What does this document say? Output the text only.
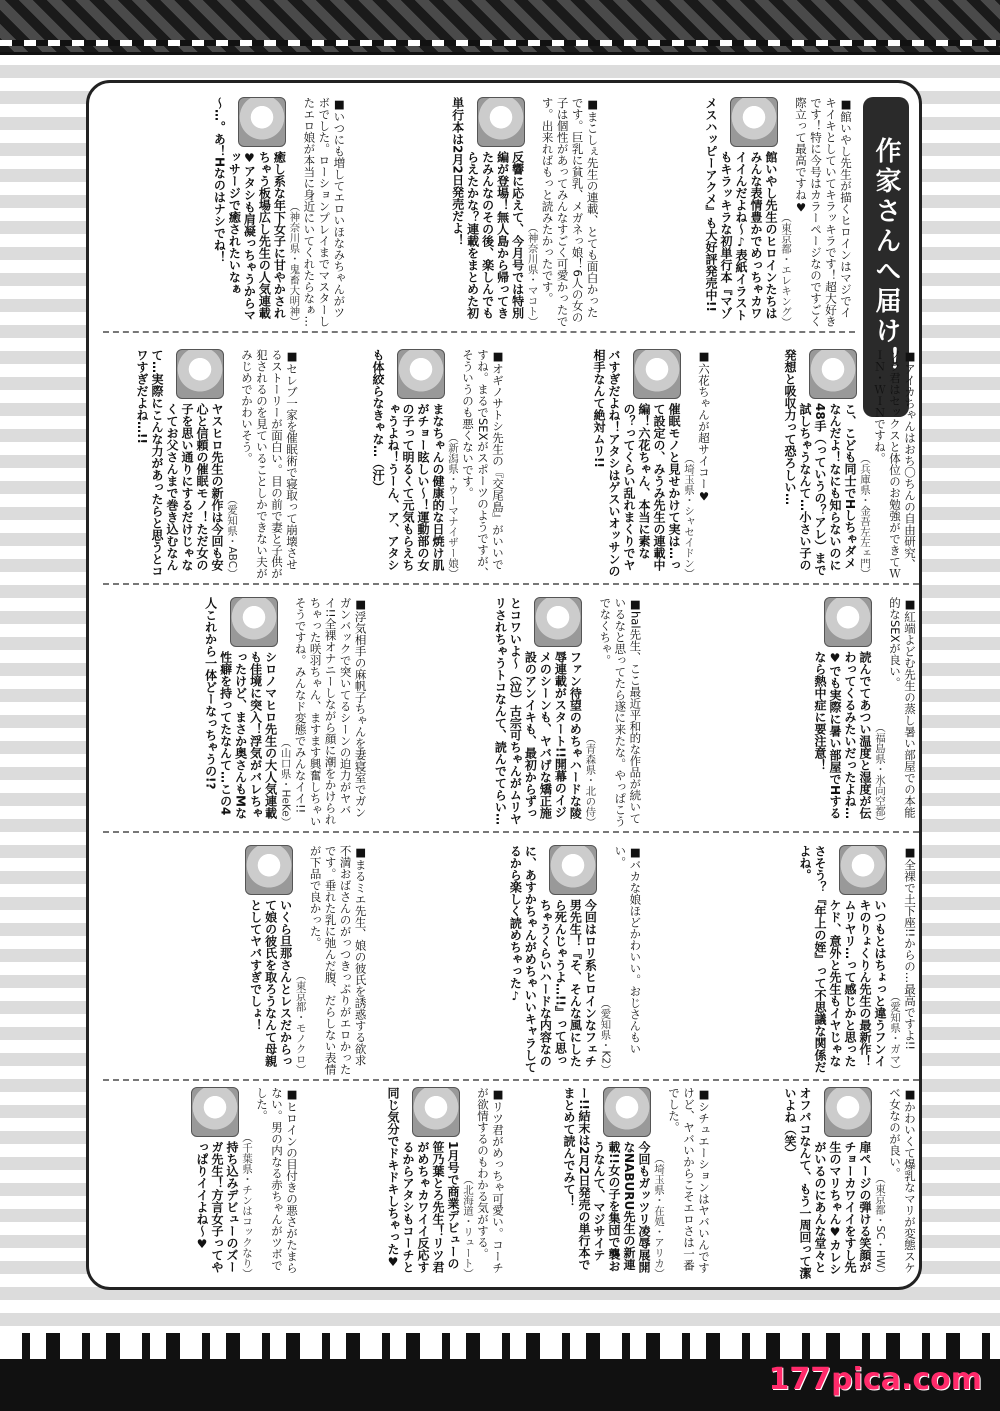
作家さんへ届け！
■館いやし先生が描くヒロインはマジでイキイキとしていてキラッキラです！超大好きです！特に今号はカラーページなのですごく際立って最高ですね♥
（東京都・エレキング）
館いやし先生のヒロインたちはみんな表情豊かでめっちゃカワイイんだよね～♪表紙イラストもキラッキラな初単行本『マゾメスハッピーアクメ』も大好評発売中!!
■まこしぇ先生の連載、とても面白かったです。巨乳に貧乳、メガネっ娘！6人の女の子は個性があってみんなすごく可愛かったです。出来ればもっと読みたかったです。
（神奈川県・マコト）
反響に応えて、今月号では特別編が登場！無人島から帰ってきたみんなのその後、楽しんでもらえたかな？連載をまとめた初単行本は2月2日発売だよ！
■いつにも増してエロいほなみちゃんがツボでした。ローションプレイまでマスターしたエロ娘が本当に身近にいてくれたらなぁ…
（神奈川県・鬼畜大明神）
癒し系な年下女子に甘やかされちゃう板場広し先生の人気連載♥アタシも肩凝っちゃうからマッサージで癒されたいなぁ～…。あ！Hなのはナシでね！
■アイカちゃんはおち〇ちんの自由研究、ソラ君はセックスと体位のお勉強ができてＷＩＮ・ＷＩＮですね。
（兵庫県・金吾左左ェ門）
こ、こども同士でHしちゃダメなんだよ！なにも知らないのに48手（っていうの？アレ）まで試しちゃうなんて…小さい子の発想と吸収力って恐ろしい…
■六花ちゃんが超サイコー♥
（埼玉県・シャセイドン）
催眠モノと見せかけて実は…って設定の、みうみ先生の連載中編！六花ちゃん、本当に素なの？ってくらい乱れまくりでヤバすぎだよね！アタシはゲスいオッサンの相手なんて絶対ムリ!!
■オギノサトシ先生の『交尾島』がいいですね。まるでSEXがスポーツのようですが、そういうのも悪くないです。
（新潟県・ウーマナイザー娘）
まなちゃんの健康的な日焼け肌がチョー眩しい～！運動部の女の子って明るくて元気もらえちゃうよね！うーん、ア、アタシも体絞らなきゃな…（汗）
■セレブ一家を催眠術で寝取って崩壊させるストーリーが面白い。目の前で妻と子供が犯されるのを見ていることしかできない夫がみじめでかわいそう。
（愛知県・ABC）
ヤスヒロ先生の新作は今回も安心と信頼の催眠モノ！ただ女の子を思い通りにするだけじゃなくてお父さんまで巻き込むなんて…実際にこんな力があったらと思うとコワすぎだよね…!!
■紅端よどむ先生の蒸し暑い部屋での本能的なSEXが良い。
（福島県・氷向空都）
読んでてあつい温度と湿度が伝わってくるみたいだったよね…♥でも実際に暑い部屋でHするなら熱中症に要注意！
■hal先生、ここ最近平和的な作品が続いているなと思ってたら遂に来たな。やっぱこうでなくちゃ。
（青森県・北の侍）
ファン待望のめちゃハードな陵辱連載がスタート!!開幕のイジメのシーンも、ヤバげな矯正施設のアンイキも、最初からずっとコワいよ～（泣）古宗可ちゃんがムリヤリされちゃうトコなんて、読んでてらい…
■浮気相手の麻帆子ちゃんを妻寝室でガンガンバックで突いてるシーンの迫力がヤバイ!!全裸オナニーしながら顔に潮をかけられちゃった咲羽ちゃん、ますます興奮しちゃいそうですね。みんなド変態でみんなイイ!!
（山口県・HeKe）
シロノマヒロ先生の大人気連載も佳境に突入！浮気がバレちゃったけど、まさか奥さんもMな性癖を持ってたなんて…この4人これから一体どーなっちゃうの!?
■全裸で土下座!!からの…最高ですよ!!
（愛知県・ガマ）
いつもとはちょっと違うフンイキのりょくりん先生の最新作！ムリヤリ…って感じかと思ったケド、意外と先生もイヤじゃなさそう？『年上の姪』って不思議な関係だよね。
■バカな娘ほどかわいい。おじさんもいい。
（愛知県・K2）
今回はロリ系ヒロインなフェチ男先生！『そ、そんな風にしたら死んじゃうよ…!!』って思っちゃうくらいハードな内容なのに、あすかちゃんがめちゃいいキャラしてるから楽しく読めちゃった♪
■まるミエ先生、娘の彼氏を誘惑する欲求不満おばさんのがっつきっぷりがエロかったです。垂れた乳に弛んだ腹、だらしない表情が下品で良かった。
（東京都・モノクロ）
いくら旦那さんとレスだからって娘の彼氏を取ろうなんて母親としてヤバすぎでしょ！
■かわいくて爆乳なマリが変態スケベ女なのが良い。
（東京都・SC・HW）
扉ページの弾ける笑顔がチョーカワイイをすし先生のマリちゃん♥カレシがいるのにあんな堂々とオフパコなんて、もう一周回って潔いよね（笑）
■シチュエーションはヤバいんですけど、ヤバいからこそエロさは一番でした。
（埼玉県・在処・アリカ）
今回もガッツリ凌辱展開なNABURU先生の新連載!!女の子を集団で襲おうなんて、マジサイテー!!結末は2月2日発売の単行本でまとめて読んでみて！
■リツ君がめっちゃ可愛い。コーチが欲情するのもわかる気がする。
（北海道・リュート）
1月号で商業デビューの笹乃葉とろ先生！リツ君がめちゃカワイイ反応するからアタシもコーチと同じ気分でドキドキしちゃった♥
■ヒロインの目付きの悪さがたまらない。男の内なる赤ちゃんがツボでした。
（千葉県・チンはコックなり）
持ち込みデビューのズーガ先生！方言女子ってやっぱりイイよね～♥
177pica.com
